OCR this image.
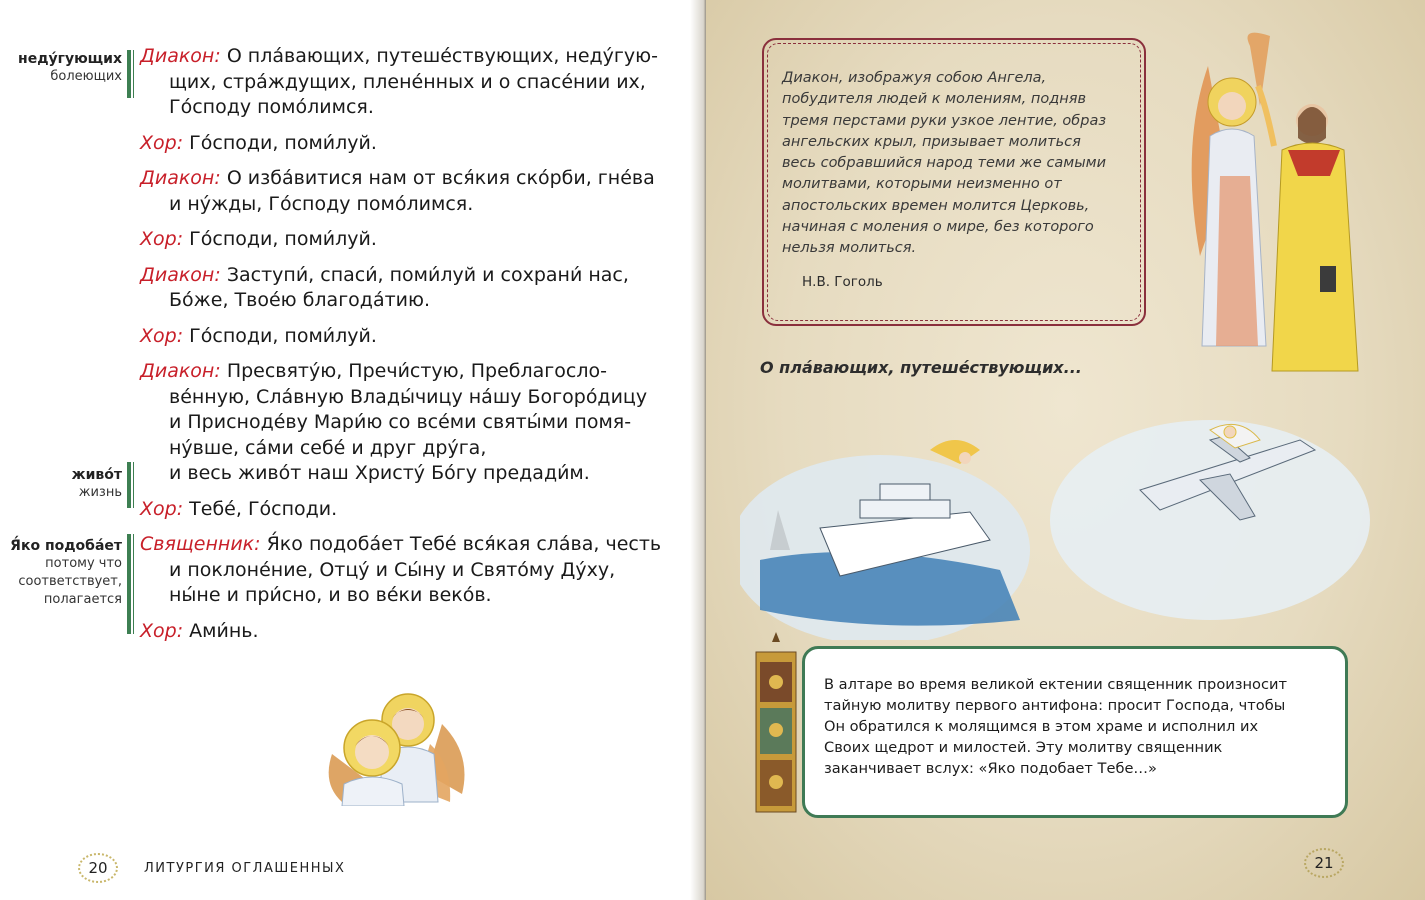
недýгующих
болеющих
живóт
жизнь
Я́ко подобáет
потому что
соответствует,
полагается
Диакон: О плáвающих, путешéствующих, недýгую-
щих, стрáждущих, пленéнных и о спасéнии их,
Гóсподу помóлимся.
Хор: Гóсподи, поми́луй.
Диакон: О избáвитися нам от вся́кия скóрби, гнéва
и нýжды, Гóсподу помóлимся.
Хор: Гóсподи, поми́луй.
Диакон: Заступи́, спаси́, поми́луй и сохрани́ нас,
Бóже, Твоéю благодáтию.
Хор: Гóсподи, поми́луй.
Диакон: Пресвятýю, Пречи́стую, Преблагосло-
вéнную, Слáвную Влады́чицу нáшу Богорóдицу
и Приснодéву Мари́ю со всéми святы́ми помя-
нýвше, сáми себé и друг дрýга,
и весь живóт наш Христý Бóгу предади́м.
Хор: Тебé, Гóсподи.
Священник: Я́ко подобáет Тебé вся́кая слáва, честь
и поклонéние, Отцý и Сы́ну и Святóму Дýху,
ны́не и при́сно, и во вéки векóв.
Хор: Ами́нь.
20	ЛИТУРГИЯ ОГЛАШЕННЫХ
Диакон, изображуя собою Ангела,
побудителя людей к молениям, подняв
тремя перстами руки узкое лентие, образ
ангельских крыл, призывает молиться
весь собравшийся народ теми же самыми
молитвами, которыми неизменно от
апостольских времен молится Церковь,
начиная с моления о мире, без которого
нельзя молиться.
Н.В. Гоголь
О плáвающих, путешéствующих...
В алтаре во время великой ектении священник произносит
тайную молитву первого антифона: просит Господа, чтобы
Он обратился к молящимся в этом храме и исполнил их
Своих щедрот и милостей. Эту молитву священник
заканчивает вслух: «Яко подобает Тебе…»
21
